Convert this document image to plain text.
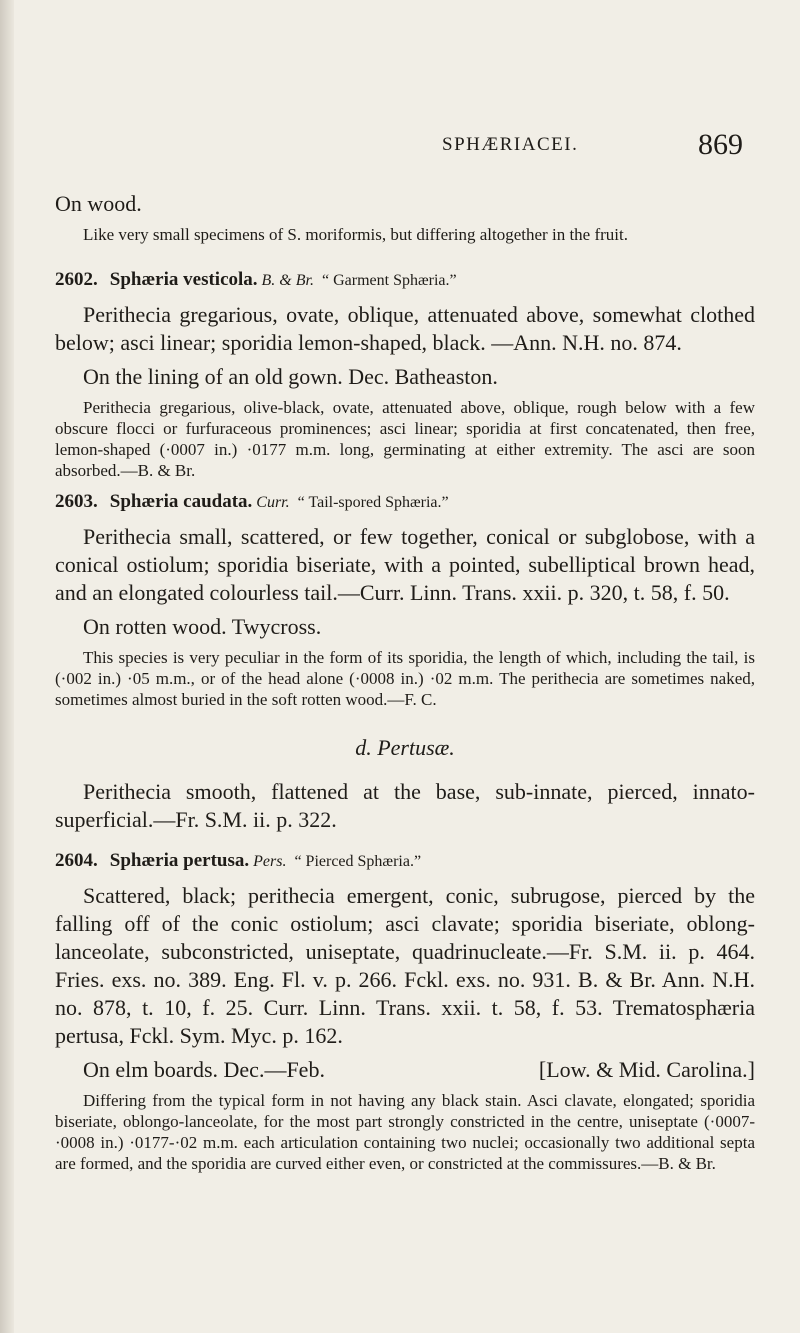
SPHÆRIACEI.	869

On wood.

Like very small specimens of S. moriformis, but differing altogether in the fruit.

2602. Sphæria vesticola. B. & Br. “ Garment Sphæria.”

Perithecia gregarious, ovate, oblique, attenuated above, somewhat clothed below; asci linear; sporidia lemon-shaped, black. —Ann. N.H. no. 874.

On the lining of an old gown. Dec. Batheaston.

Perithecia gregarious, olive-black, ovate, attenuated above, oblique, rough below with a few obscure flocci or furfuraceous prominences; asci linear; sporidia at first concatenated, then free, lemon-shaped (·0007 in.) ·0177 m.m. long, germinating at either extremity. The asci are soon absorbed.—B. & Br.

2603. Sphæria caudata. Curr. “ Tail-spored Sphæria.”

Perithecia small, scattered, or few together, conical or subglobose, with a conical ostiolum; sporidia biseriate, with a pointed, subelliptical brown head, and an elongated colourless tail.—Curr. Linn. Trans. xxii. p. 320, t. 58, f. 50.

On rotten wood. Twycross.

This species is very peculiar in the form of its sporidia, the length of which, including the tail, is (·002 in.) ·05 m.m., or of the head alone (·0008 in.) ·02 m.m. The perithecia are sometimes naked, sometimes almost buried in the soft rotten wood.—F. C.

d. Pertusæ.

Perithecia smooth, flattened at the base, sub-innate, pierced, innato-superficial.—Fr. S.M. ii. p. 322.

2604. Sphæria pertusa. Pers. “ Pierced Sphæria.”

Scattered, black; perithecia emergent, conic, subrugose, pierced by the falling off of the conic ostiolum; asci clavate; sporidia biseriate, oblong-lanceolate, subconstricted, uniseptate, quadrinucleate.—Fr. S.M. ii. p. 464. Fries. exs. no. 389. Eng. Fl. v. p. 266. Fckl. exs. no. 931. B. & Br. Ann. N.H. no. 878, t. 10, f. 25. Curr. Linn. Trans. xxii. t. 58, f. 53. Trematosphæria pertusa, Fckl. Sym. Myc. p. 162.

On elm boards. Dec.—Feb.	[Low. & Mid. Carolina.]

Differing from the typical form in not having any black stain. Asci clavate, elongated; sporidia biseriate, oblongo-lanceolate, for the most part strongly constricted in the centre, uniseptate (·0007-·0008 in.) ·0177-·02 m.m. each articulation containing two nuclei; occasionally two additional septa are formed, and the sporidia are curved either even, or constricted at the commissures.—B. & Br.
